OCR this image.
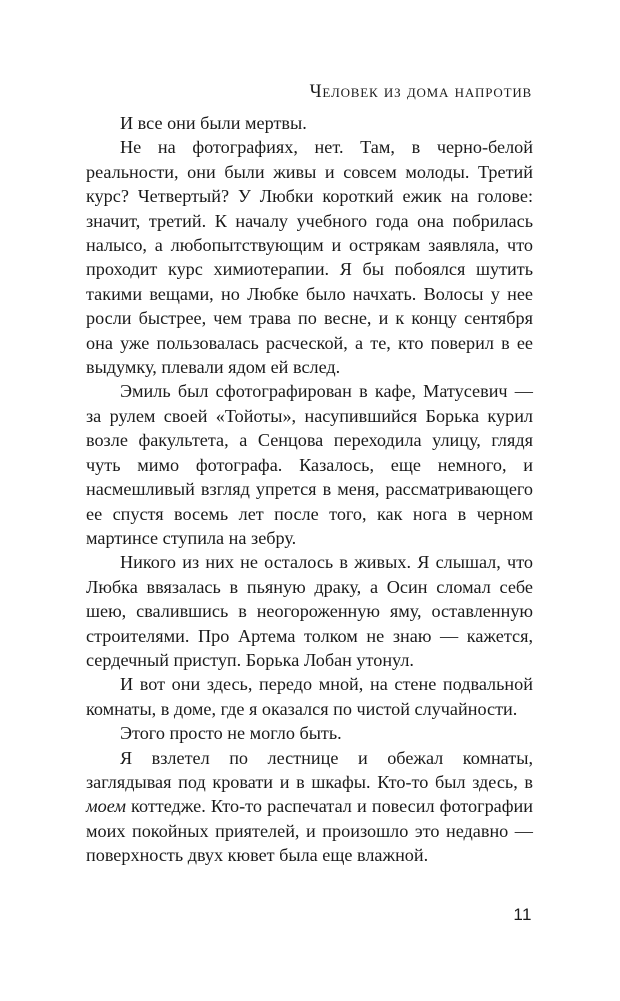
Человек из дома напротив

И все они были мертвы.

Не на фотографиях, нет. Там, в черно-белой реальности, они были живы и совсем молоды. Третий курс? Четвертый? У Любки короткий ежик на голове: значит, третий. К началу учебного года она побрилась налысо, а любопытствующим и острякам заявляла, что проходит курс химиотерапии. Я бы побоялся шутить такими вещами, но Любке было начхать. Волосы у нее росли быстрее, чем трава по весне, и к концу сентября она уже пользовалась расческой, а те, кто поверил в ее выдумку, плевали ядом ей вслед.

Эмиль был сфотографирован в кафе, Матусевич — за рулем своей «Тойоты», насупившийся Борька курил возле факультета, а Сенцова переходила улицу, глядя чуть мимо фотографа. Казалось, еще немного, и насмешливый взгляд упрется в меня, рассматривающего ее спустя восемь лет после того, как нога в черном мартинсе ступила на зебру.

Никого из них не осталось в живых. Я слышал, что Любка ввязалась в пьяную драку, а Осин сломал себе шею, свалившись в неогороженную яму, оставленную строителями. Про Артема толком не знаю — кажется, сердечный приступ. Борька Лобан утонул.

И вот они здесь, передо мной, на стене подвальной комнаты, в доме, где я оказался по чистой случайности.

Этого просто не могло быть.

Я взлетел по лестнице и обежал комнаты, заглядывая под кровати и в шкафы. Кто-то был здесь, в моем коттедже. Кто-то распечатал и повесил фотографии моих покойных приятелей, и произошло это недавно — поверхность двух кювет была еще влажной.

11
